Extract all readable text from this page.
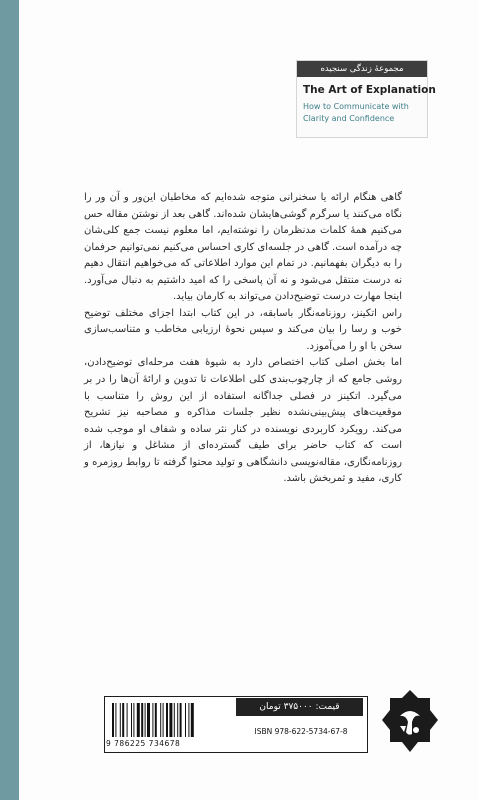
مجموعهٔ زندگی سنجیده
The Art of Explanation
How to Communicate with
Clarity and Confidence

گاهی هنگام ارائه یا سخنرانی متوجه شده‌ایم که مخاطبان این‌ور و آن ور را نگاه می‌کنند یا سرگرم گوشی‌هایشان شده‌اند. گاهی بعد از نوشتن مقاله حس می‌کنیم همهٔ کلمات مدنظرمان را نوشته‌ایم، اما معلوم نیست جمع کلی‌شان چه درآمده است. گاهی در جلسه‌ای کاری احساس می‌کنیم نمی‌توانیم حرفمان را به دیگران بفهمانیم. در تمام این موارد اطلاعاتی که می‌خواهیم انتقال دهیم نه درست منتقل می‌شود و نه آن پاسخی را که امید داشتیم به دنبال می‌آورد. اینجا مهارت درست توضیح‌دادن می‌تواند به کارمان بیاید.

راس اتکینز، روزنامه‌نگار باسابقه، در این کتاب ابتدا اجزای مختلف توضیح خوب و رسا را بیان می‌کند و سپس نحوهٔ ارزیابی مخاطب و متناسب‌سازی سخن با او را می‌آموزد.

اما بخش اصلی کتاب اختصاص دارد به شیوهٔ هفت مرحله‌ای توضیح‌دادن، روشی جامع که از چارچوب‌بندی کلی اطلاعات تا تدوین و ارائهٔ آن‌ها را در بر می‌گیرد. اتکینز در فصلی جداگانه استفاده از این روش را متناسب با موقعیت‌های پیش‌بینی‌نشده نظیر جلسات مذاکره و مصاحبه نیز تشریح می‌کند. رویکرد کاربردی نویسنده در کنار نثر ساده و شفاف او موجب شده است که کتاب حاضر برای طیف گسترده‌ای از مشاغل و نیازها، از روزنامه‌نگاری، مقاله‌نویسی دانشگاهی و تولید محتوا گرفته تا روابط روزمره و کاری، مفید و ثمربخش باشد.

قیمت: ۳۷۵۰۰۰ تومان
9 786225 734678
ISBN 978-622-5734-67-8
